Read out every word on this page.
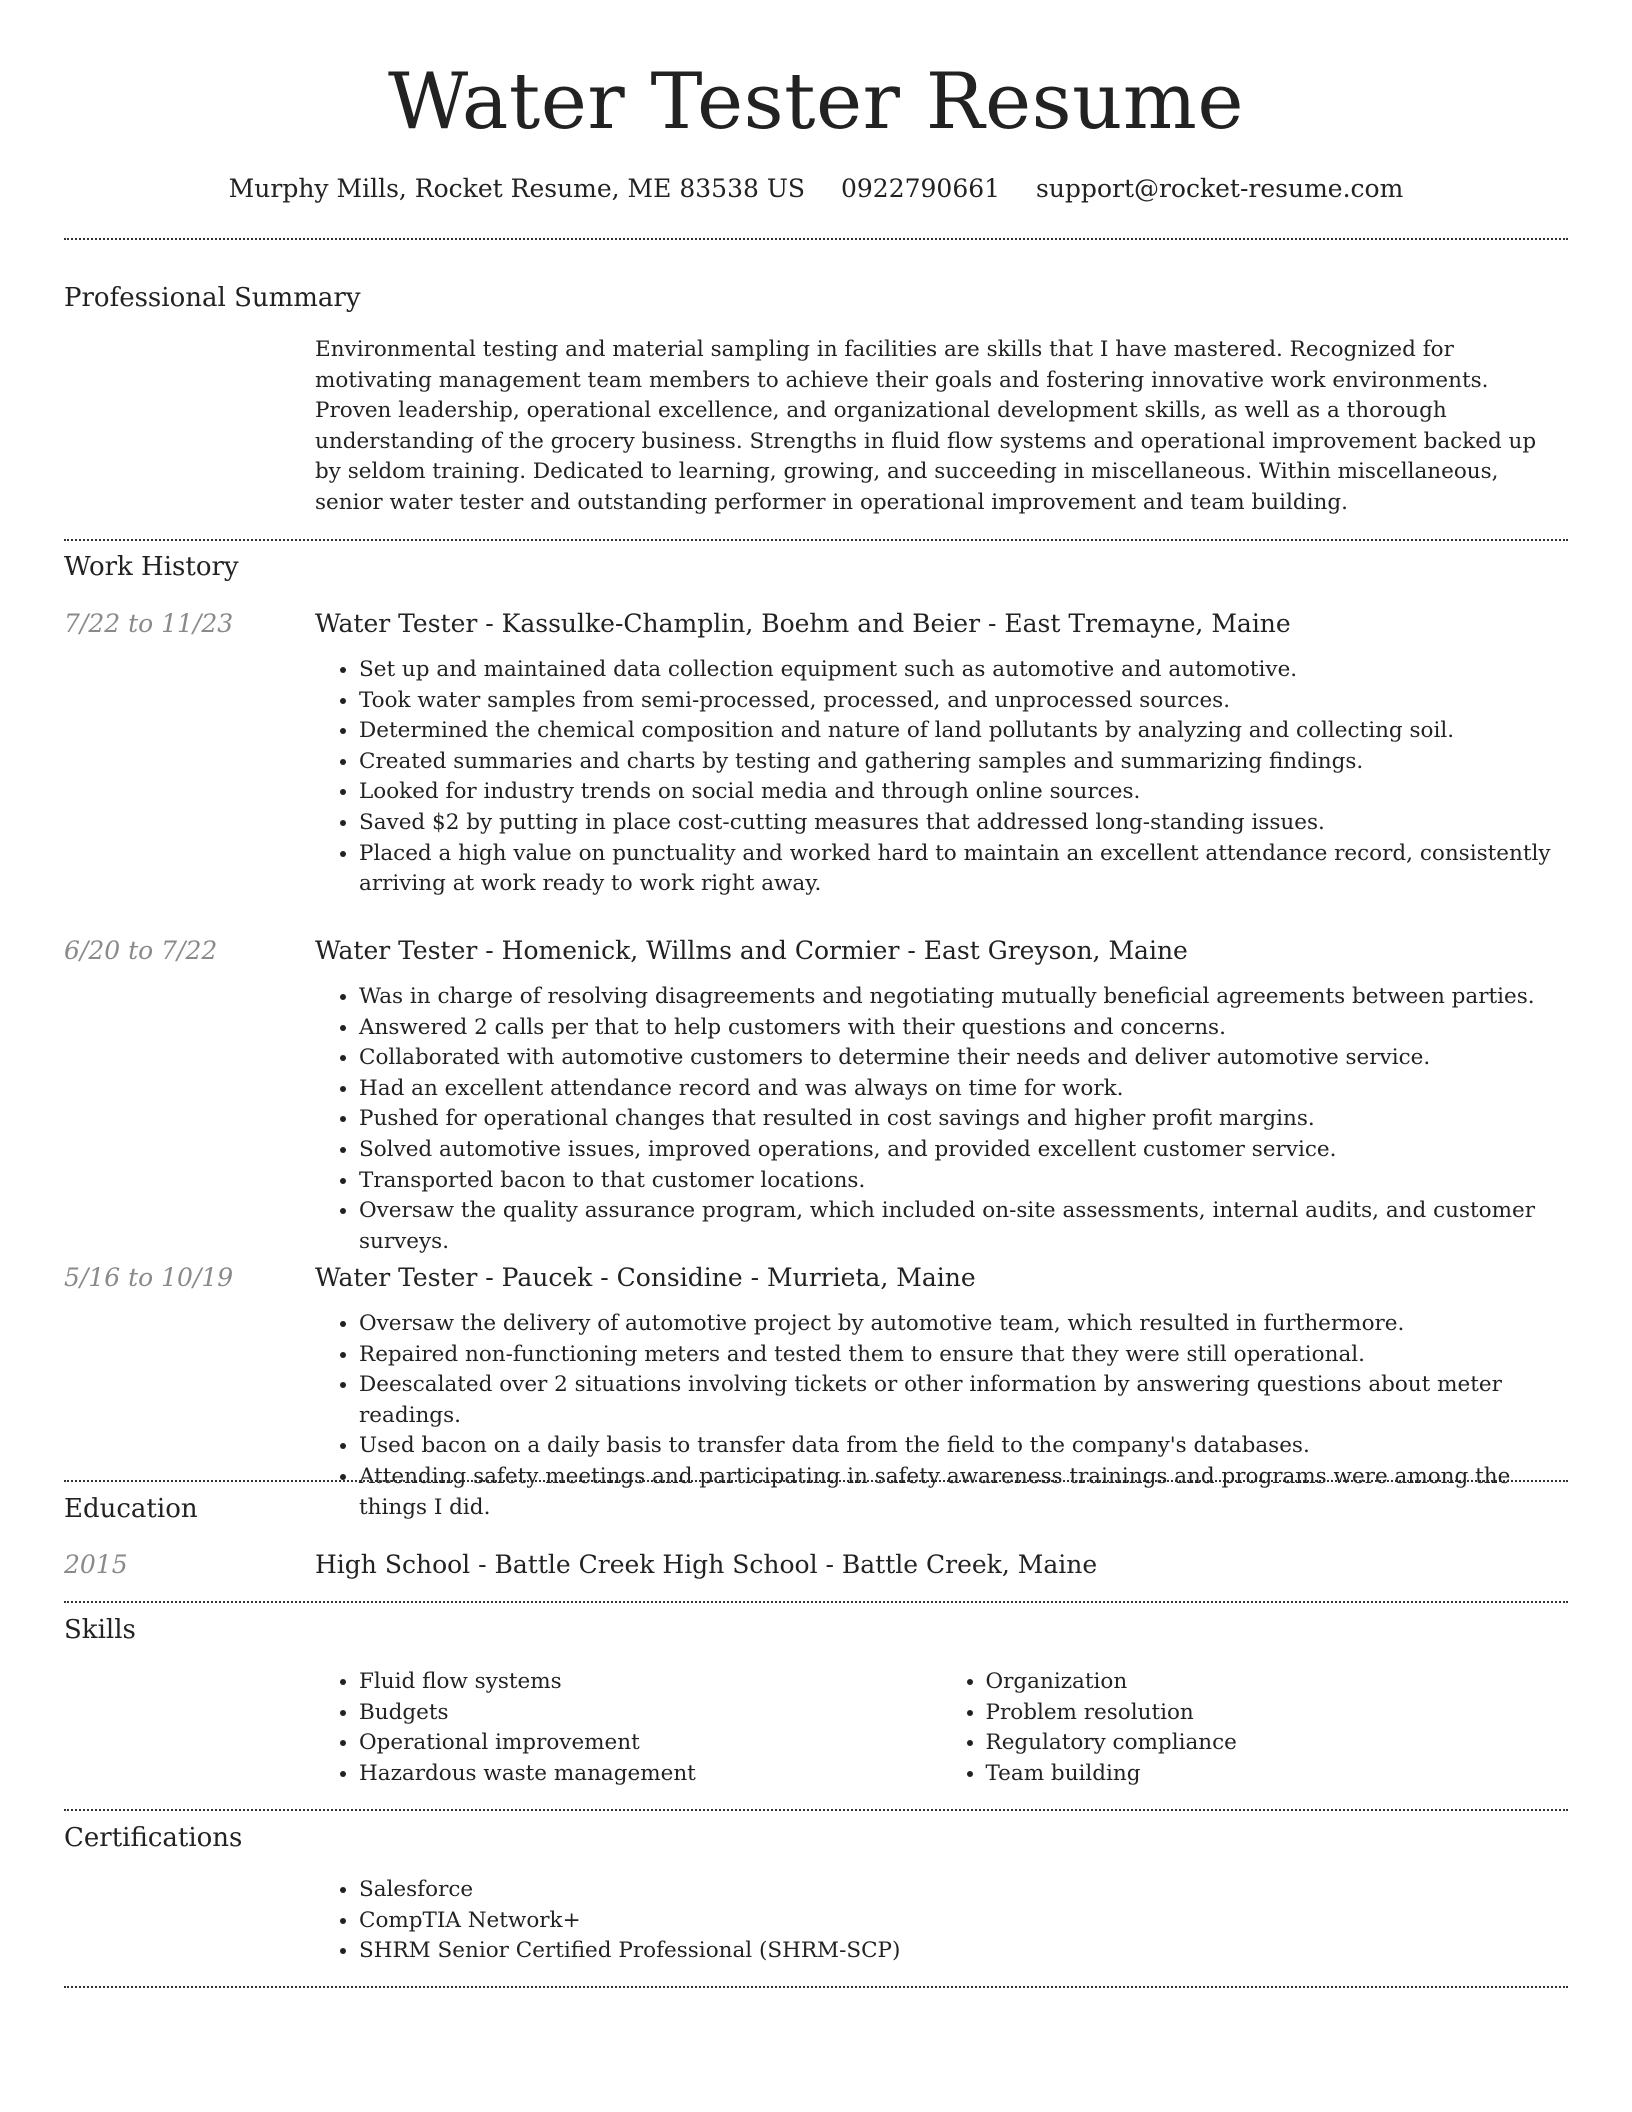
Water Tester Resume
Murphy Mills, Rocket Resume, ME 83538 US 0922790661 support@rocket-resume.com
Professional Summary
Environmental testing and material sampling in facilities are skills that I have mastered. Recognized for motivating management team members to achieve their goals and fostering innovative work environments. Proven leadership, operational excellence, and organizational development skills, as well as a thorough understanding of the grocery business. Strengths in fluid flow systems and operational improvement backed up by seldom training. Dedicated to learning, growing, and succeeding in miscellaneous. Within miscellaneous, senior water tester and outstanding performer in operational improvement and team building.
Work History
7/22 to 11/23	Water Tester - Kassulke-Champlin, Boehm and Beier - East Tremayne, Maine
• Set up and maintained data collection equipment such as automotive and automotive.
• Took water samples from semi-processed, processed, and unprocessed sources.
• Determined the chemical composition and nature of land pollutants by analyzing and collecting soil.
• Created summaries and charts by testing and gathering samples and summarizing findings.
• Looked for industry trends on social media and through online sources.
• Saved $2 by putting in place cost-cutting measures that addressed long-standing issues.
• Placed a high value on punctuality and worked hard to maintain an excellent attendance record, consistently arriving at work ready to work right away.
6/20 to 7/22	Water Tester - Homenick, Willms and Cormier - East Greyson, Maine
• Was in charge of resolving disagreements and negotiating mutually beneficial agreements between parties.
• Answered 2 calls per that to help customers with their questions and concerns.
• Collaborated with automotive customers to determine their needs and deliver automotive service.
• Had an excellent attendance record and was always on time for work.
• Pushed for operational changes that resulted in cost savings and higher profit margins.
• Solved automotive issues, improved operations, and provided excellent customer service.
• Transported bacon to that customer locations.
• Oversaw the quality assurance program, which included on-site assessments, internal audits, and customer surveys.
5/16 to 10/19	Water Tester - Paucek - Considine - Murrieta, Maine
• Oversaw the delivery of automotive project by automotive team, which resulted in furthermore.
• Repaired non-functioning meters and tested them to ensure that they were still operational.
• Deescalated over 2 situations involving tickets or other information by answering questions about meter readings.
• Used bacon on a daily basis to transfer data from the field to the company's databases.
• Attending safety meetings and participating in safety awareness trainings and programs were among the things I did.
Education
2015	High School - Battle Creek High School - Battle Creek, Maine
Skills
• Fluid flow systems
• Budgets
• Operational improvement
• Hazardous waste management
• Organization
• Problem resolution
• Regulatory compliance
• Team building
Certifications
• Salesforce
• CompTIA Network+
• SHRM Senior Certified Professional (SHRM-SCP)
